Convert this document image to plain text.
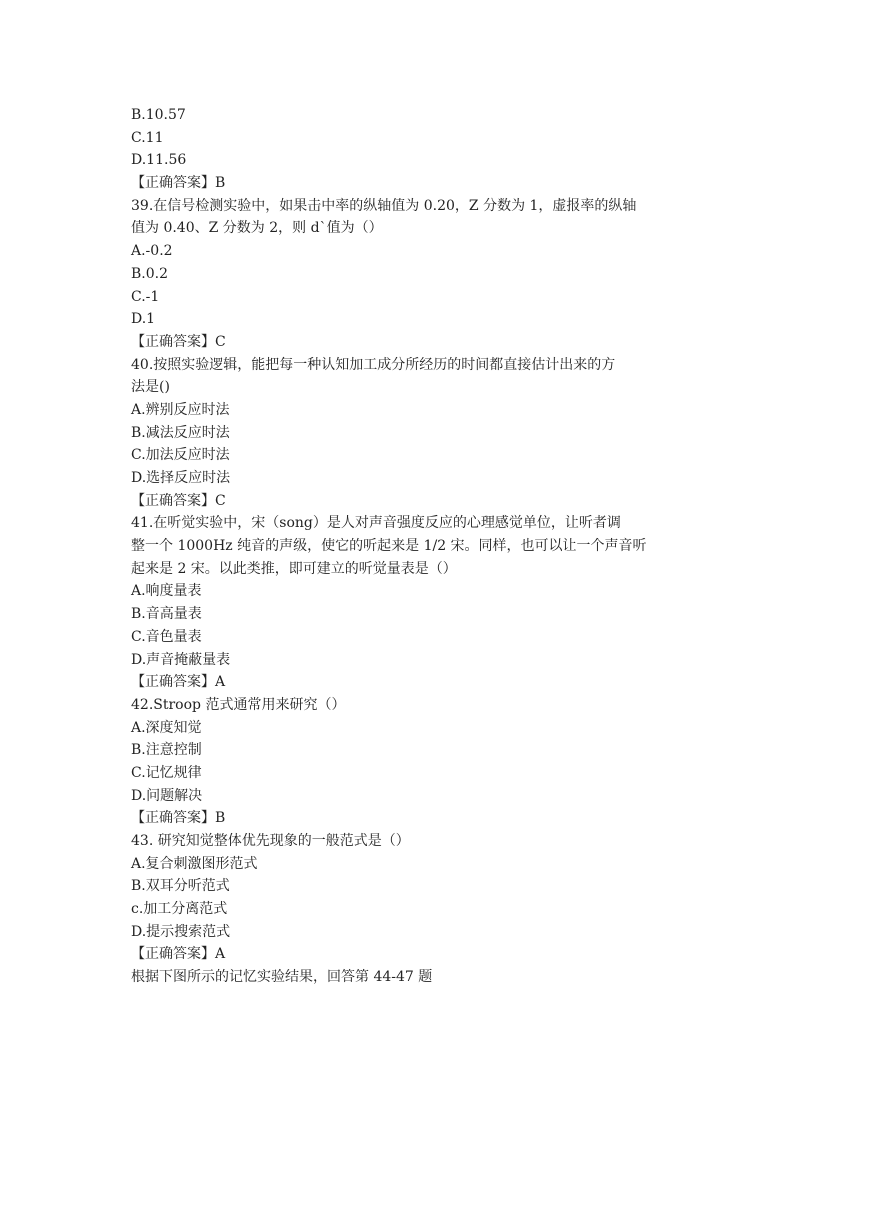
B.10.57
C.11
D.11.56
【正确答案】B
39.在信号检测实验中，如果击中率的纵轴值为 0.20，Z 分数为 1，虚报率的纵轴
值为 0.40、Z 分数为 2，则 d`值为（）
A.-0.2
B.0.2
C.-1
D.1
【正确答案】C
40.按照实验逻辑，能把每一种认知加工成分所经历的时间都直接估计出来的方
法是()
A.辨别反应时法
B.减法反应时法
C.加法反应时法
D.选择反应时法
【正确答案】C
41.在听觉实验中，宋（song）是人对声音强度反应的心理感觉单位，让听者调
整一个 1000Hz 纯音的声级，使它的听起来是 1/2 宋。同样，也可以让一个声音听
起来是 2 宋。以此类推，即可建立的听觉量表是（）
A.响度量表
B.音高量表
C.音色量表
D.声音掩蔽量表
【正确答案】A
42.Stroop 范式通常用来研究（）
A.深度知觉
B.注意控制
C.记忆规律
D.问题解决
【正确答案】B
43. 研究知觉整体优先现象的一般范式是（）
A.复合刺激图形范式
B.双耳分听范式
c.加工分离范式
D.提示搜索范式
【正确答案】A
根据下图所示的记忆实验结果，回答第 44-47 题
